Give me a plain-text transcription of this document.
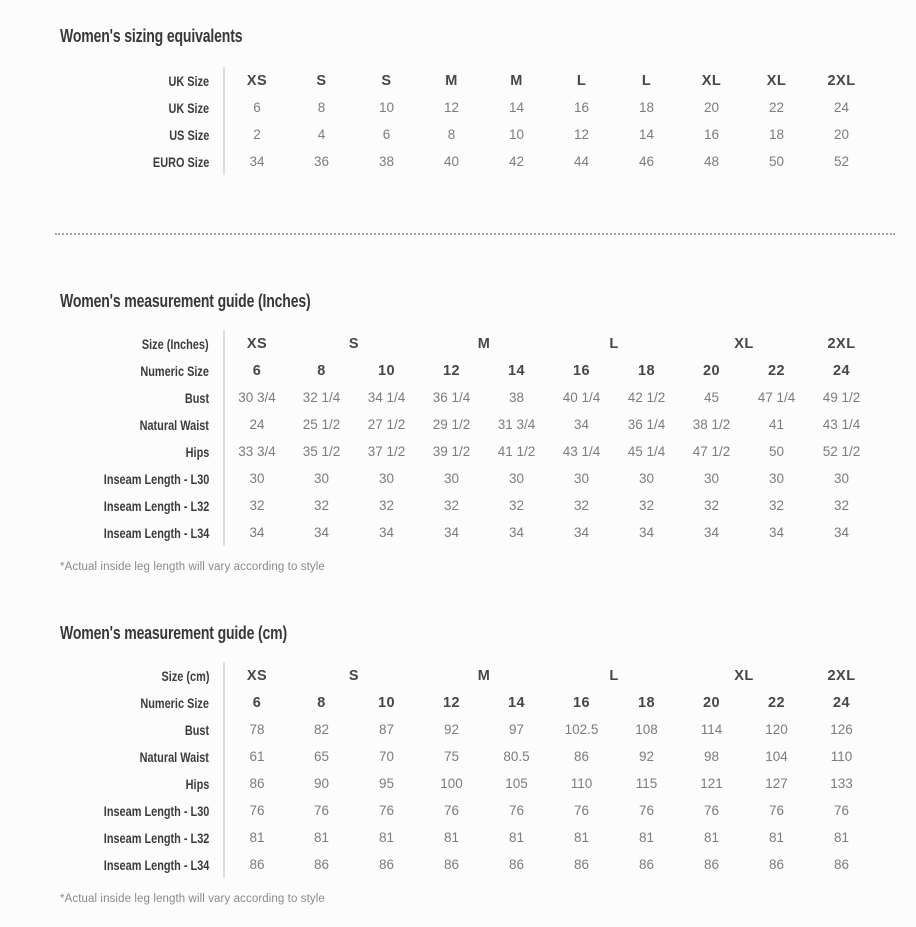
Women's sizing equivalents
UK Size	XS	S	S	M	M	L	L	XL	XL	2XL
UK Size	6	8	10	12	14	16	18	20	22	24
US Size	2	4	6	8	10	12	14	16	18	20
EURO Size	34	36	38	40	42	44	46	48	50	52
Women's measurement guide (Inches)
Size (Inches)	XS	S		M		L		XL		2XL
Numeric Size	6	8	10	12	14	16	18	20	22	24
Bust	30 3/4	32 1/4	34 1/4	36 1/4	38	40 1/4	42 1/2	45	47 1/4	49 1/2
Natural Waist	24	25 1/2	27 1/2	29 1/2	31 3/4	34	36 1/4	38 1/2	41	43 1/4
Hips	33 3/4	35 1/2	37 1/2	39 1/2	41 1/2	43 1/4	45 1/4	47 1/2	50	52 1/2
Inseam Length - L30	30	30	30	30	30	30	30	30	30	30
Inseam Length - L32	32	32	32	32	32	32	32	32	32	32
Inseam Length - L34	34	34	34	34	34	34	34	34	34	34

*Actual inside leg length will vary according to style

Women's measurement guide (cm)
Size (cm)	XS	S		M		L		XL		2XL
Numeric Size	6	8	10	12	14	16	18	20	22	24
Bust	78	82	87	92	97	102.5	108	114	120	126
Natural Waist	61	65	70	75	80.5	86	92	98	104	110
Hips	86	90	95	100	105	110	115	121	127	133
Inseam Length - L30	76	76	76	76	76	76	76	76	76	76
Inseam Length - L32	81	81	81	81	81	81	81	81	81	81
Inseam Length - L34	86	86	86	86	86	86	86	86	86	86

*Actual inside leg length will vary according to style
